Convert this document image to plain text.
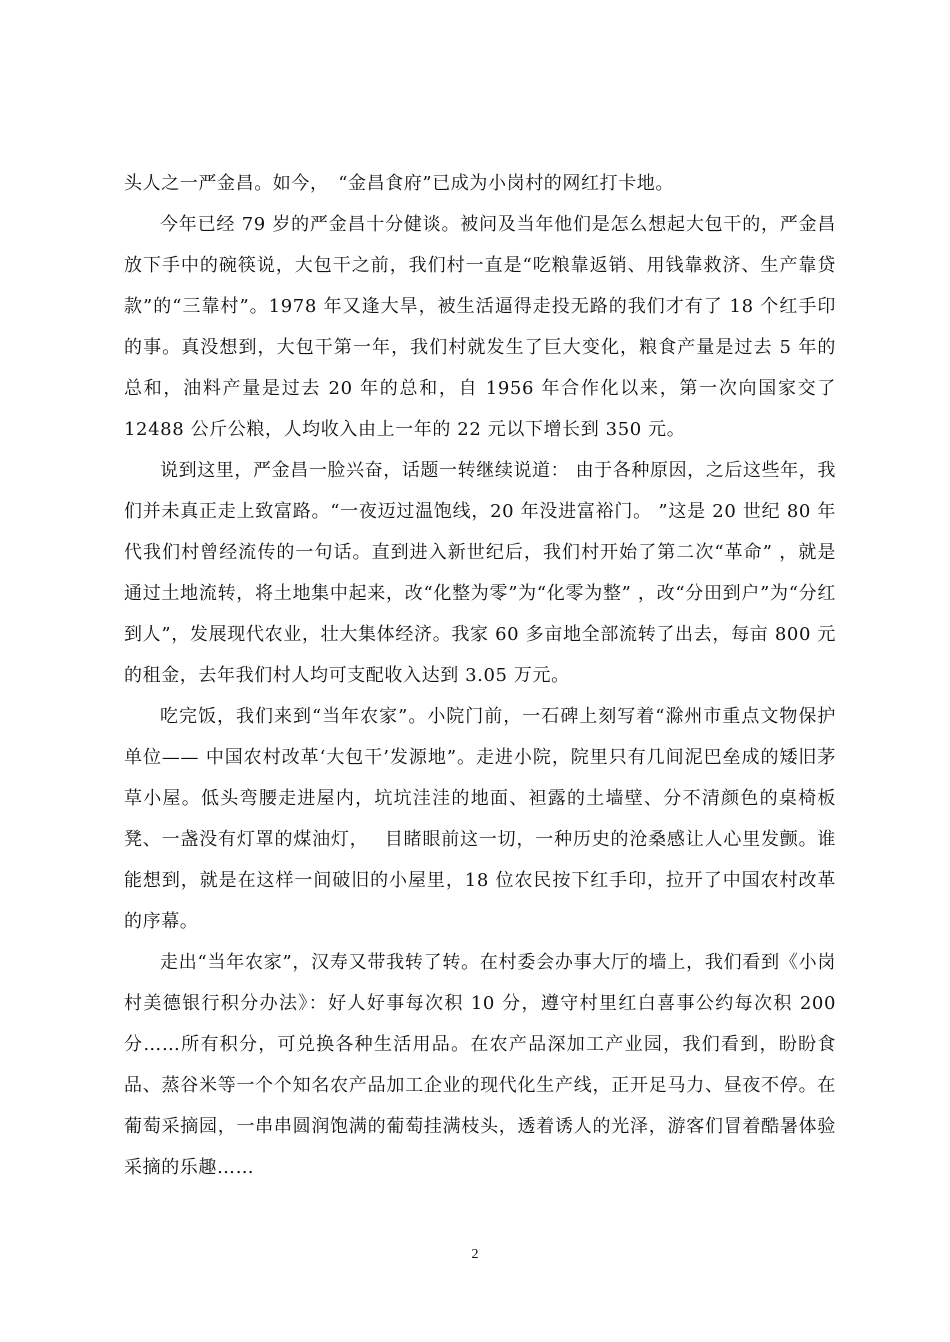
头人之一严金昌。如今，　“金昌食府”已成为小岗村的网红打卡地。

今年已经 79 岁的严金昌十分健谈。被问及当年他们是怎么想起大包干的，严金昌放下手中的碗筷说，大包干之前，我们村一直是“吃粮靠返销、用钱靠救济、生产靠贷款”的“三靠村”。1978 年又逢大旱，被生活逼得走投无路的我们才有了 18 个红手印的事。真没想到，大包干第一年，我们村就发生了巨大变化，粮食产量是过去 5 年的总和，油料产量是过去 20 年的总和，自 1956 年合作化以来，第一次向国家交了 12488 公斤公粮，人均收入由上一年的 22 元以下增长到 350 元。

说到这里，严金昌一脸兴奋，话题一转继续说道： 由于各种原因，之后这些年，我们并未真正走上致富路。“一夜迈过温饱线，20 年没进富裕门。 ”这是 20 世纪 80 年代我们村曾经流传的一句话。直到进入新世纪后，我们村开始了第二次“革命” ，就是通过土地流转，将土地集中起来，改“化整为零”为“化零为整” ，改“分田到户”为“分红到人”，发展现代农业，壮大集体经济。我家 60 多亩地全部流转了出去，每亩 800 元的租金，去年我们村人均可支配收入达到 3.05 万元。

吃完饭，我们来到“当年农家”。小院门前，一石碑上刻写着“滁州市重点文物保护单位—— 中国农村改革‘大包干’发源地”。走进小院，院里只有几间泥巴垒成的矮旧茅草小屋。低头弯腰走进屋内，坑坑洼洼的地面、袒露的土墙壁、分不清颜色的桌椅板凳、一盏没有灯罩的煤油灯，　 目睹眼前这一切，一种历史的沧桑感让人心里发颤。谁能想到，就是在这样一间破旧的小屋里，18 位农民按下红手印，拉开了中国农村改革的序幕。

走出“当年农家”，汉寿又带我转了转。在村委会办事大厅的墙上，我们看到《小岗村美德银行积分办法》：好人好事每次积 10 分，遵守村里红白喜事公约每次积 200 分……所有积分，可兑换各种生活用品。在农产品深加工产业园，我们看到，盼盼食品、蒸谷米等一个个知名农产品加工企业的现代化生产线，正开足马力、昼夜不停。在葡萄采摘园，一串串圆润饱满的葡萄挂满枝头，透着诱人的光泽，游客们冒着酷暑体验采摘的乐趣……

2
